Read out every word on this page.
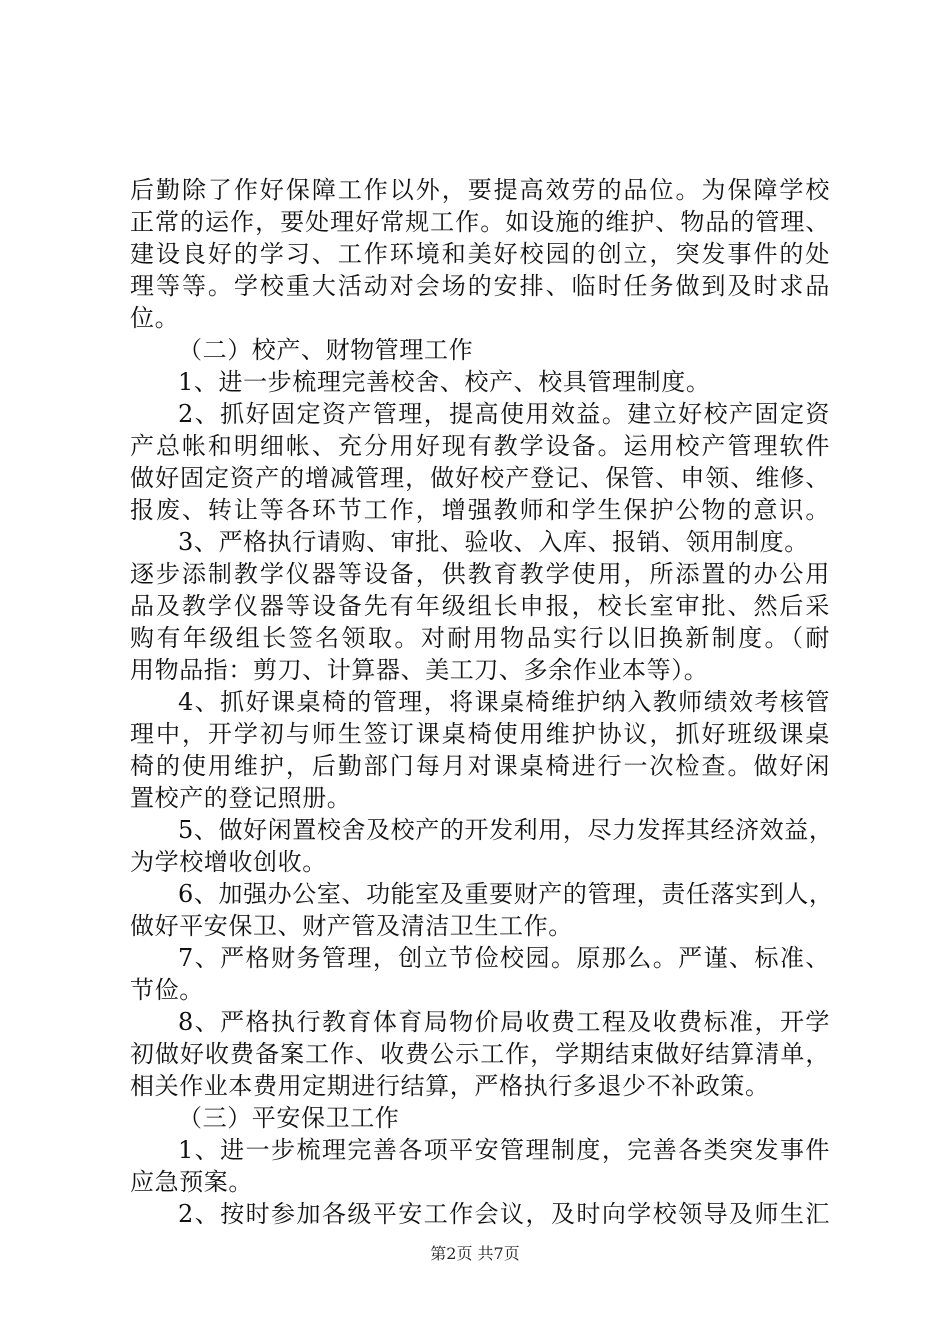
后勤除了作好保障工作以外，要提高效劳的品位。为保障学校
正常的运作，要处理好常规工作。如设施的维护、物品的管理、
建设良好的学习、工作环境和美好校园的创立，突发事件的处
理等等。学校重大活动对会场的安排、临时任务做到及时求品
位。
（二）校产、财物管理工作
1、进一步梳理完善校舍、校产、校具管理制度。
2、抓好固定资产管理，提高使用效益。建立好校产固定资
产总帐和明细帐、充分用好现有教学设备。运用校产管理软件
做好固定资产的增减管理，做好校产登记、保管、申领、维修、
报废、转让等各环节工作，增强教师和学生保护公物的意识。
3、严格执行请购、审批、验收、入库、报销、领用制度。
逐步添制教学仪器等设备，供教育教学使用，所添置的办公用
品及教学仪器等设备先有年级组长申报，校长室审批、然后采
购有年级组长签名领取。对耐用物品实行以旧换新制度。（耐
用物品指：剪刀、计算器、美工刀、多余作业本等）。
4、抓好课桌椅的管理，将课桌椅维护纳入教师绩效考核管
理中，开学初与师生签订课桌椅使用维护协议，抓好班级课桌
椅的使用维护，后勤部门每月对课桌椅进行一次检查。做好闲
置校产的登记照册。
5、做好闲置校舍及校产的开发利用，尽力发挥其经济效益，
为学校增收创收。
6、加强办公室、功能室及重要财产的管理，责任落实到人，
做好平安保卫、财产管及清洁卫生工作。
7、严格财务管理，创立节俭校园。原那么。严谨、标准、
节俭。
8、严格执行教育体育局物价局收费工程及收费标准，开学
初做好收费备案工作、收费公示工作，学期结束做好结算清单，
相关作业本费用定期进行结算，严格执行多退少不补政策。
（三）平安保卫工作
1、进一步梳理完善各项平安管理制度，完善各类突发事件
应急预案。
2、按时参加各级平安工作会议，及时向学校领导及师生汇
第2页 共7页
